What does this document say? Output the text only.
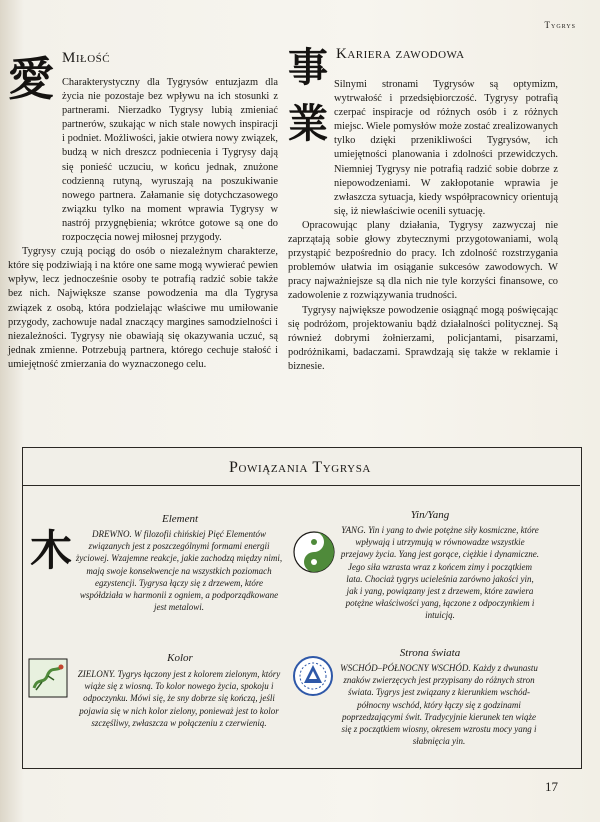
Tygrys
愛 Miłość

Charakterystyczny dla Tygrysów entuzjazm dla życia nie pozostaje bez wpływu na ich stosunki z partnerami. Nierzadko Tygrysy lubią zmieniać partnerów, szukając w nich stale nowych inspiracji i podniet. Możliwości, jakie otwiera nowy związek, budzą w nich dreszcz podniecenia i Tygrysy dają się ponieść uczuciu, w końcu jednak, znużone codzienną rutyną, wyruszają na poszukiwanie nowego partnera. Załamanie się dotychczasowego związku tylko na moment wprawia Tygrysy w nastrój przygnębienia; wkrótce gotowe są one do rozpoczęcia nowej miłosnej przygody.

Tygrysy czują pociąg do osób o niezależnym charakterze, które się podziwiają i na które one same mogą wywierać pewien wpływ, lecz jednocześnie osoby te potrafią radzić sobie także bez nich. Największe szanse powodzenia ma dla Tygrysa związek z osobą, która podzielając właściwe mu umiłowanie przygody, zachowuje nadal znaczący margines samodzielności i niezależności. Tygrysy nie obawiają się okazywania uczuć, są jednak zmienne. Potrzebują partnera, którego cechuje stałość i umiejętność zmierzania do wyznaczonego celu.

事
業
Kariera zawodowa

Silnymi stronami Tygrysów są optymizm, wytrwałość i przedsiębiorczość. Tygrysy potrafią czerpać inspiracje od różnych osób i z różnych miejsc. Wiele pomysłów może zostać zrealizowanych tylko dzięki przenikliwości Tygrysów, ich umiejętności planowania i zdolności przewidczych. Niemniej Tygrysy nie potrafią radzić sobie dobrze z niepowodzeniami. W zakłopotanie wprawia je zwłaszcza sytuacja, kiedy współpracownicy orientują się, iż niewłaściwie ocenili sytuację.

Opracowując plany działania, Tygrysy zazwyczaj nie zaprzątają sobie głowy zbytecznymi przygotowaniami, wolą przystąpić bezpośrednio do pracy. Ich zdolność rozstrzygania problemów ułatwia im osiąganie sukcesów zawodowych. W pracy najważniejsze są dla nich nie tyle korzyści finansowe, co zadowolenie z rozwiązywania trudności.

Tygrysy największe powodzenie osiągnąć mogą poświęcając się podróżom, projektowaniu bądź działalności politycznej. Są również dobrymi żołnierzami, policjantami, pisarzami, podróżnikami, badaczami. Sprawdzają się także w reklamie i biznesie.

Powiązania Tygrysa
木
Element
DREWNO. W filozofii chińskiej Pięć Elementów związanych jest z poszczególnymi formami energii życiowej. Wzajemne reakcje, jakie zachodzą między nimi, mają swoje konsekwencje na wszystkich poziomach egzystencji. Tygrysa łączy się z drzewem, które współdziała w harmonii z ogniem, a podporządkowane jest metalowi.
Yin/Yang
YANG. Yin i yang to dwie potężne siły kosmiczne, które wpływają i utrzymują w równowadze wszystkie przejawy życia. Yang jest gorące, ciężkie i dynamiczne. Jego siła wzrasta wraz z końcem zimy i początkiem lata. Chociaż tygrys ucieleśnia zarówno jakości yin, jak i yang, powiązany jest z drzewem, które zawiera potężne właściwości yang, łączone z odpoczynkiem i intuicją.
Kolor
ZIELONY. Tygrys łączony jest z kolorem zielonym, który wiąże się z wiosną. To kolor nowego życia, spokoju i odpoczynku. Mówi się, że sny dobrze się kończą, jeśli pojawia się w nich kolor zielony, ponieważ jest to kolor szczęśliwy, zwłaszcza w połączeniu z czerwienią.
Strona świata
WSCHÓD–PÓŁNOCNY WSCHÓD. Każdy z dwunastu znaków zwierzęcych jest przypisany do różnych stron świata. Tygrys jest związany z kierunkiem wschód-północny wschód, który łączy się z godzinami poprzedzającymi świt. Tradycyjnie kierunek ten wiąże się z początkiem wiosny, okresem wzrostu mocy yang i słabnięcia yin.
17
